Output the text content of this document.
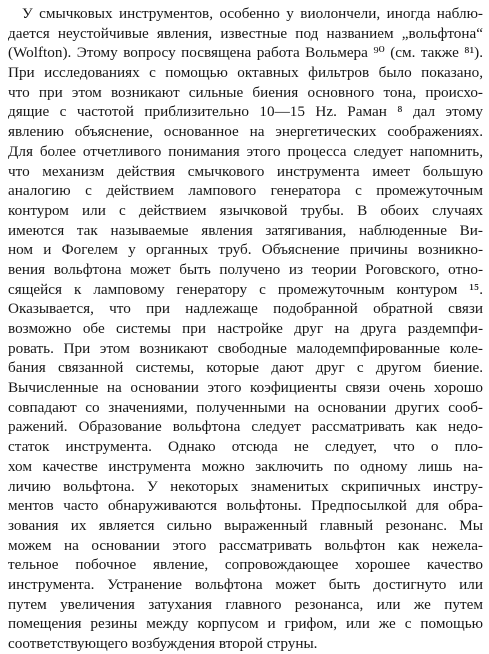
У смычковых инструментов, особенно у виолончели, иногда наблю-
дается неустойчивые явления, известные под названием „вольфтона“
(Wolfton). Этому вопросу посвящена работа Вольмера ⁹⁰ (см. также ⁸¹).
При исследованиях с помощью октавных фильтров было показано,
что при этом возникают сильные биения основного тона, происхо-
дящие с частотой приблизительно 10—15 Hz. Раман ⁸ дал этому
явлению объяснение, основанное на энергетических соображениях.
Для более отчетливого понимания этого процесса следует напомнить,
что механизм действия смычкового инструмента имеет большую
аналогию с действием лампового генератора с промежуточным
контуром или с действием язычковой трубы. В обоих случаях
имеются так называемые явления затягивания, наблюденные Ви-
ном и Фогелем у органных труб. Объяснение причины возникно-
вения вольфтона может быть получено из теории Роговского, отно-
сящейся к ламповому генератору с промежуточным контуром ¹⁵.
Оказывается, что при надлежаще подобранной обратной связи
возможно обе системы при настройке друг на друга раздемпфи-
ровать. При этом возникают свободные малодемпфированные коле-
бания связанной системы, которые дают друг с другом биение.
Вычисленные на основании этого коэфициенты связи очень хорошо
совпадают со значениями, полученными на основании других сооб-
ражений. Образование вольфтона следует рассматривать как недо-
статок инструмента. Однако отсюда не следует, что о пло-
хом качестве инструмента можно заключить по одному лишь на-
личию вольфтона. У некоторых знаменитых скрипичных инстру-
ментов часто обнаруживаются вольфтоны. Предпосылкой для обра-
зования их является сильно выраженный главный резонанс. Мы
можем на основании этого рассматривать вольфтон как нежела-
тельное побочное явление, сопровождающее хорошее качество
инструмента. Устранение вольфтона может быть достигнуто или
путем увеличения затухания главного резонанса, или же путем
помещения резины между корпусом и грифом, или же с помощью
соответствующего возбуждения второй струны.
